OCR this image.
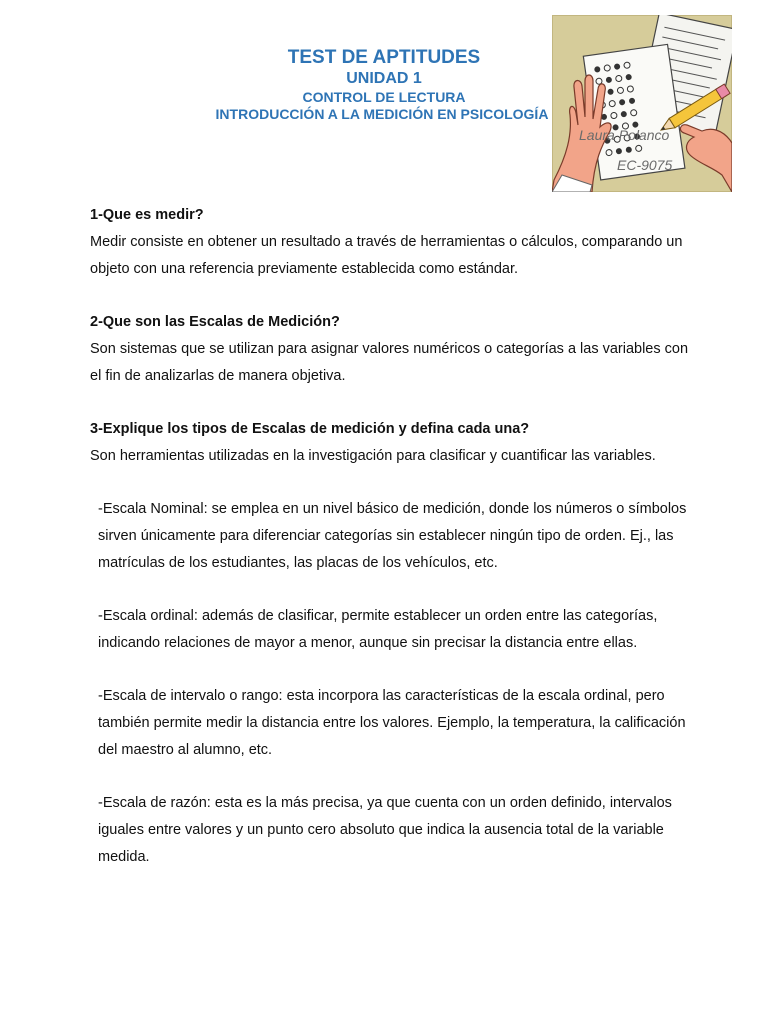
TEST DE APTITUDES
UNIDAD 1
CONTROL DE LECTURA
INTRODUCCIÓN A LA MEDICIÓN EN PSICOLOGÍA
Laura Polanco
EC-9075

1-Que es medir?

Medir consiste en obtener un resultado a través de herramientas o cálculos, comparando un objeto con una referencia previamente establecida como estándar.

2-Que son las Escalas de Medición?

Son sistemas que se utilizan para asignar valores numéricos o categorías a las variables con el fin de analizarlas de manera objetiva.

3-Explique los tipos de Escalas de medición y defina cada una?

Son herramientas utilizadas en la investigación para clasificar y cuantificar las variables.

-Escala Nominal: se emplea en un nivel básico de medición, donde los números o símbolos sirven únicamente para diferenciar categorías sin establecer ningún tipo de orden. Ej., las matrículas de los estudiantes, las placas de los vehículos, etc.

-Escala ordinal: además de clasificar, permite establecer un orden entre las categorías, indicando relaciones de mayor a menor, aunque sin precisar la distancia entre ellas.

-Escala de intervalo o rango: esta incorpora las características de la escala ordinal, pero también permite medir la distancia entre los valores. Ejemplo, la temperatura, la calificación del maestro al alumno, etc.

-Escala de razón: esta es la más precisa, ya que cuenta con un orden definido, intervalos iguales entre valores y un punto cero absoluto que indica la ausencia total de la variable medida.
